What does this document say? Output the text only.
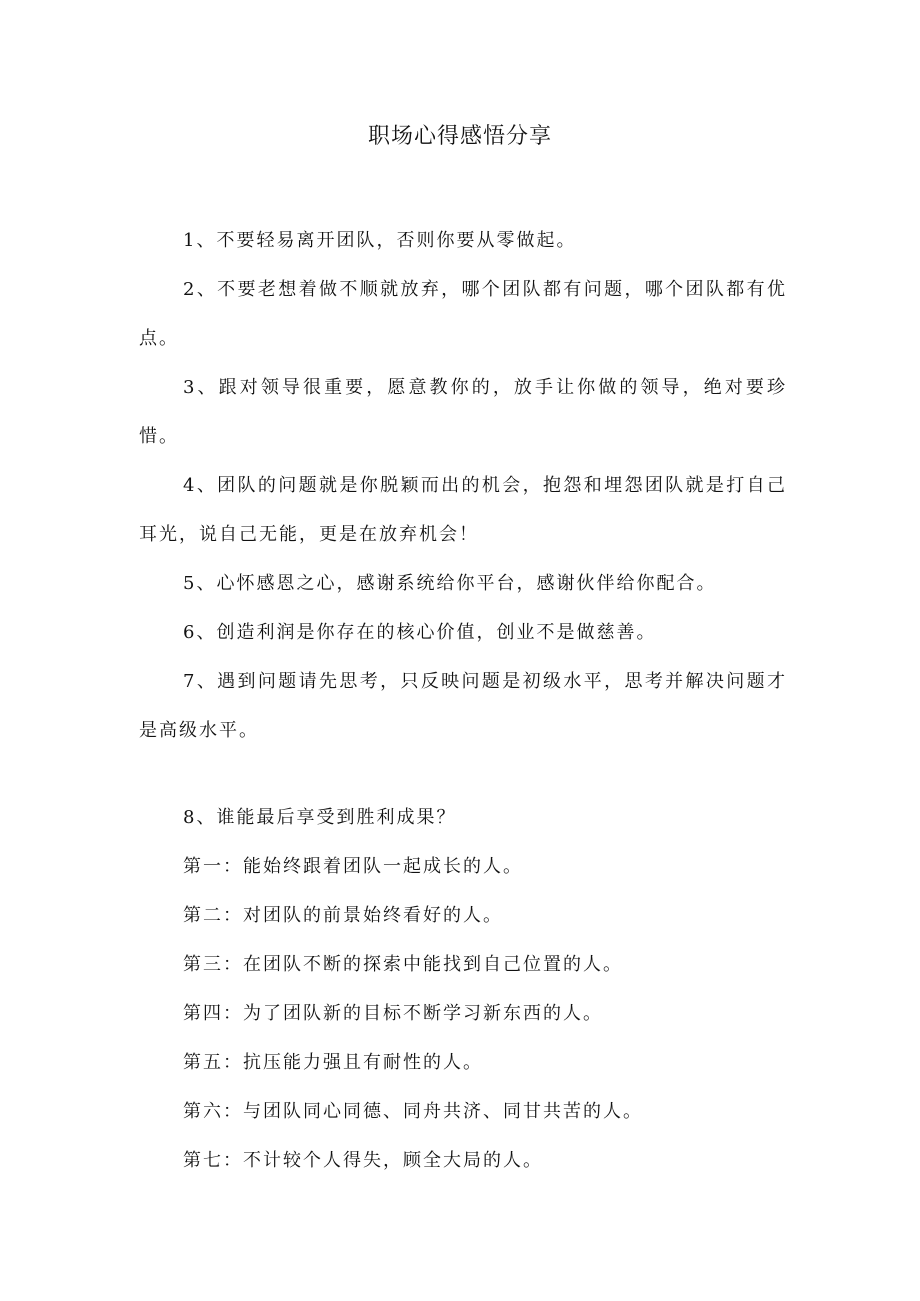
职场心得感悟分享

1、不要轻易离开团队，否则你要从零做起。

2、不要老想着做不顺就放弃，哪个团队都有问题，哪个团队都有优点。

3、跟对领导很重要，愿意教你的，放手让你做的领导，绝对要珍惜。

4、团队的问题就是你脱颖而出的机会，抱怨和埋怨团队就是打自己耳光，说自己无能，更是在放弃机会！

5、心怀感恩之心，感谢系统给你平台，感谢伙伴给你配合。

6、创造利润是你存在的核心价值，创业不是做慈善。

7、遇到问题请先思考，只反映问题是初级水平，思考并解决问题才是高级水平。

8、谁能最后享受到胜利成果？

第一：能始终跟着团队一起成长的人。

第二：对团队的前景始终看好的人。

第三：在团队不断的探索中能找到自己位置的人。

第四：为了团队新的目标不断学习新东西的人。

第五：抗压能力强且有耐性的人。

第六：与团队同心同德、同舟共济、同甘共苦的人。

第七：不计较个人得失，顾全大局的人。
